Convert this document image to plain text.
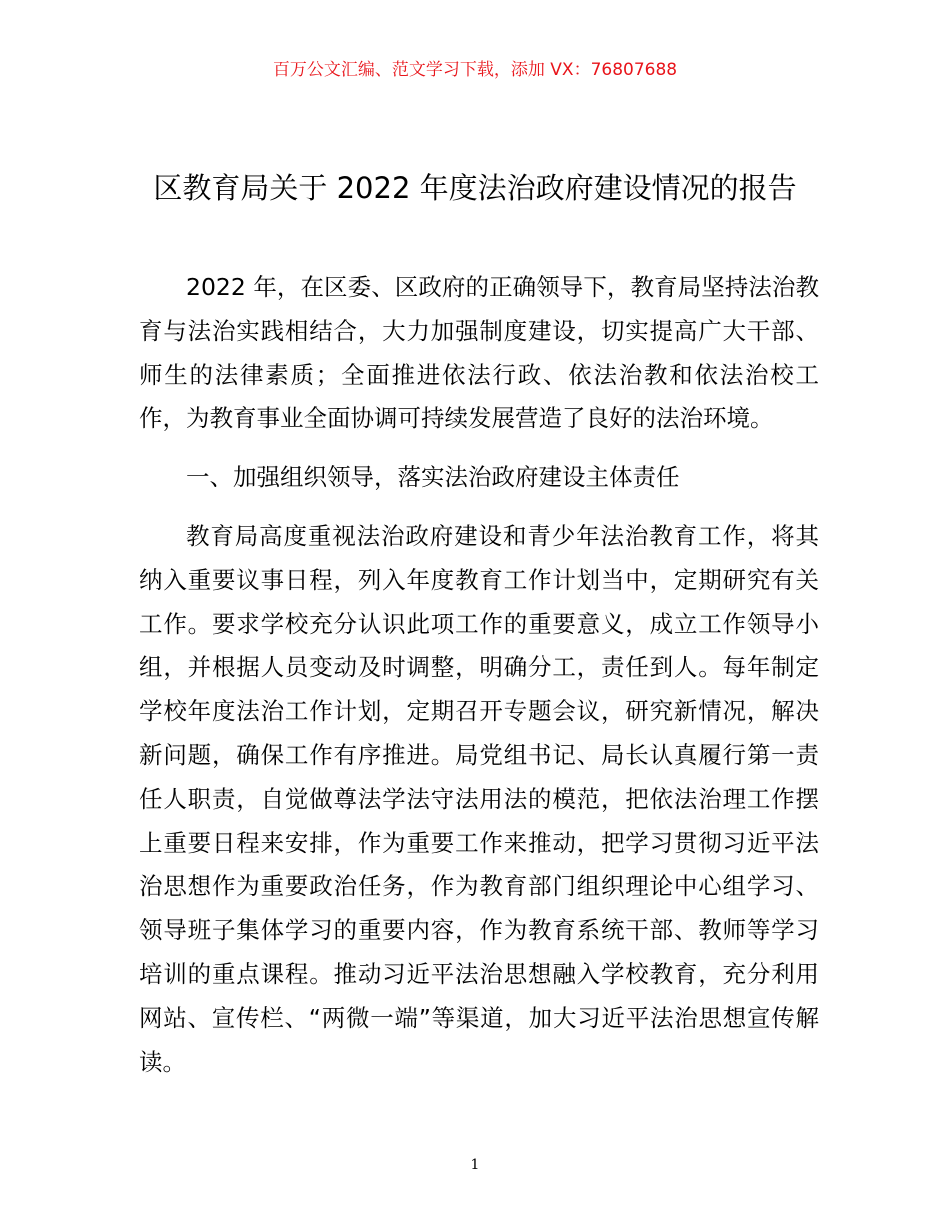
百万公文汇编、范文学习下载，添加 VX：76807688
区教育局关于 2022 年度法治政府建设情况的报告

2022 年，在区委、区政府的正确领导下，教育局坚持法治教育与法治实践相结合，大力加强制度建设，切实提高广大干部、师生的法律素质；全面推进依法行政、依法治教和依法治校工作，为教育事业全面协调可持续发展营造了良好的法治环境。

一、加强组织领导，落实法治政府建设主体责任

教育局高度重视法治政府建设和青少年法治教育工作，将其纳入重要议事日程，列入年度教育工作计划当中，定期研究有关工作。要求学校充分认识此项工作的重要意义，成立工作领导小组，并根据人员变动及时调整，明确分工，责任到人。每年制定学校年度法治工作计划，定期召开专题会议，研究新情况，解决新问题，确保工作有序推进。局党组书记、局长认真履行第一责任人职责，自觉做尊法学法守法用法的模范，把依法治理工作摆上重要日程来安排，作为重要工作来推动，把学习贯彻习近平法治思想作为重要政治任务，作为教育部门组织理论中心组学习、领导班子集体学习的重要内容，作为教育系统干部、教师等学习培训的重点课程。推动习近平法治思想融入学校教育，充分利用网站、宣传栏、“两微一端”等渠道，加大习近平法治思想宣传解读。

1
